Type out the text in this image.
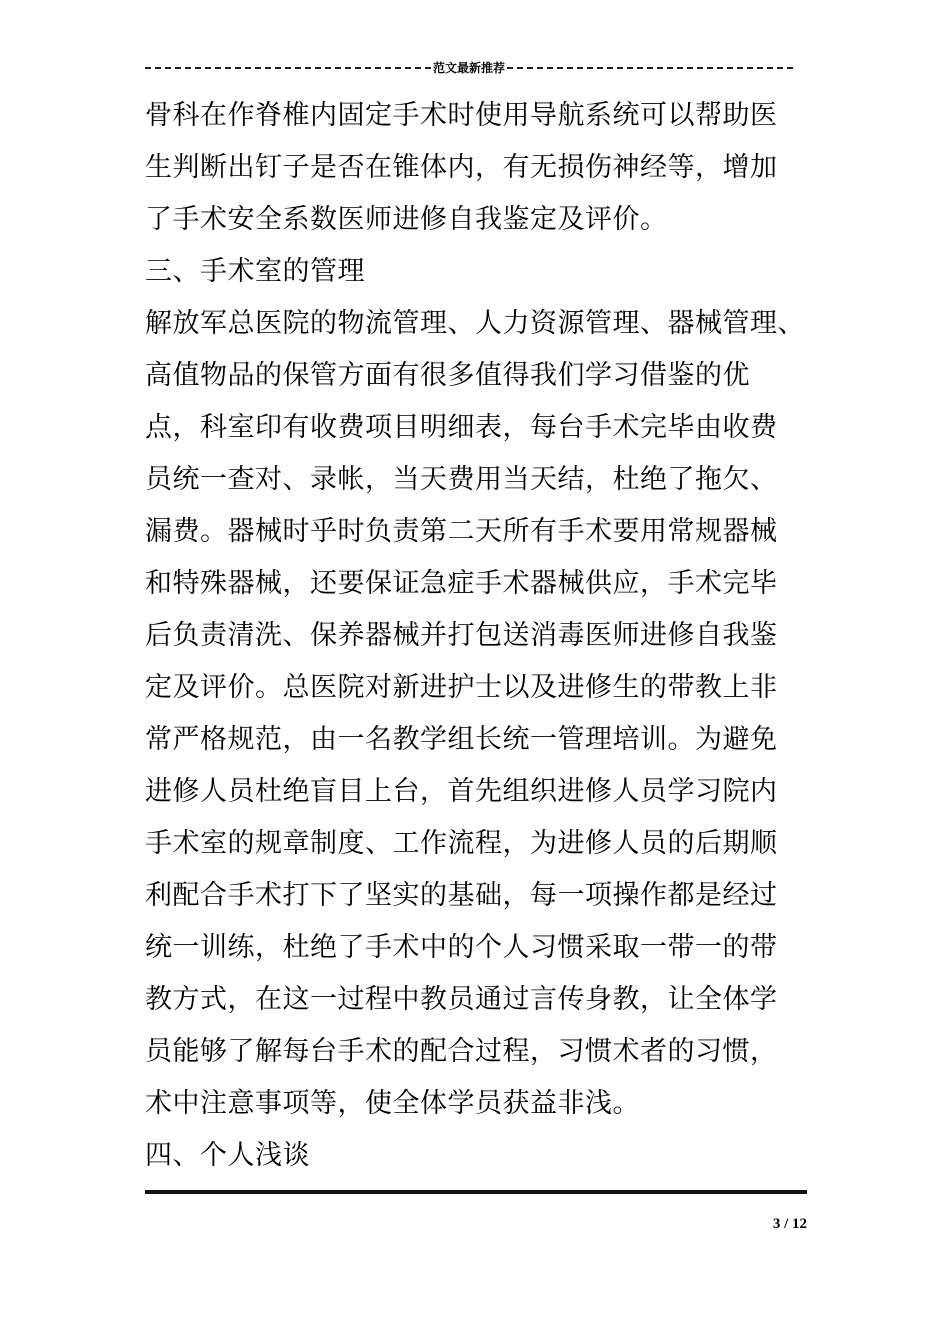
范文最新推荐
骨科在作脊椎内固定手术时使用导航系统可以帮助医
生判断出钉子是否在锥体内，有无损伤神经等，增加
了手术安全系数医师进修自我鉴定及评价。
三、手术室的管理
解放军总医院的物流管理、人力资源管理、器械管理、
高值物品的保管方面有很多值得我们学习借鉴的优
点，科室印有收费项目明细表，每台手术完毕由收费
员统一查对、录帐，当天费用当天结，杜绝了拖欠、
漏费。器械时乎时负责第二天所有手术要用常规器械
和特殊器械，还要保证急症手术器械供应，手术完毕
后负责清洗、保养器械并打包送消毒医师进修自我鉴
定及评价。总医院对新进护士以及进修生的带教上非
常严格规范，由一名教学组长统一管理培训。为避免
进修人员杜绝盲目上台，首先组织进修人员学习院内
手术室的规章制度、工作流程，为进修人员的后期顺
利配合手术打下了坚实的基础，每一项操作都是经过
统一训练，杜绝了手术中的个人习惯采取一带一的带
教方式，在这一过程中教员通过言传身教，让全体学
员能够了解每台手术的配合过程，习惯术者的习惯，
术中注意事项等，使全体学员获益非浅。
四、个人浅谈
3 / 12
